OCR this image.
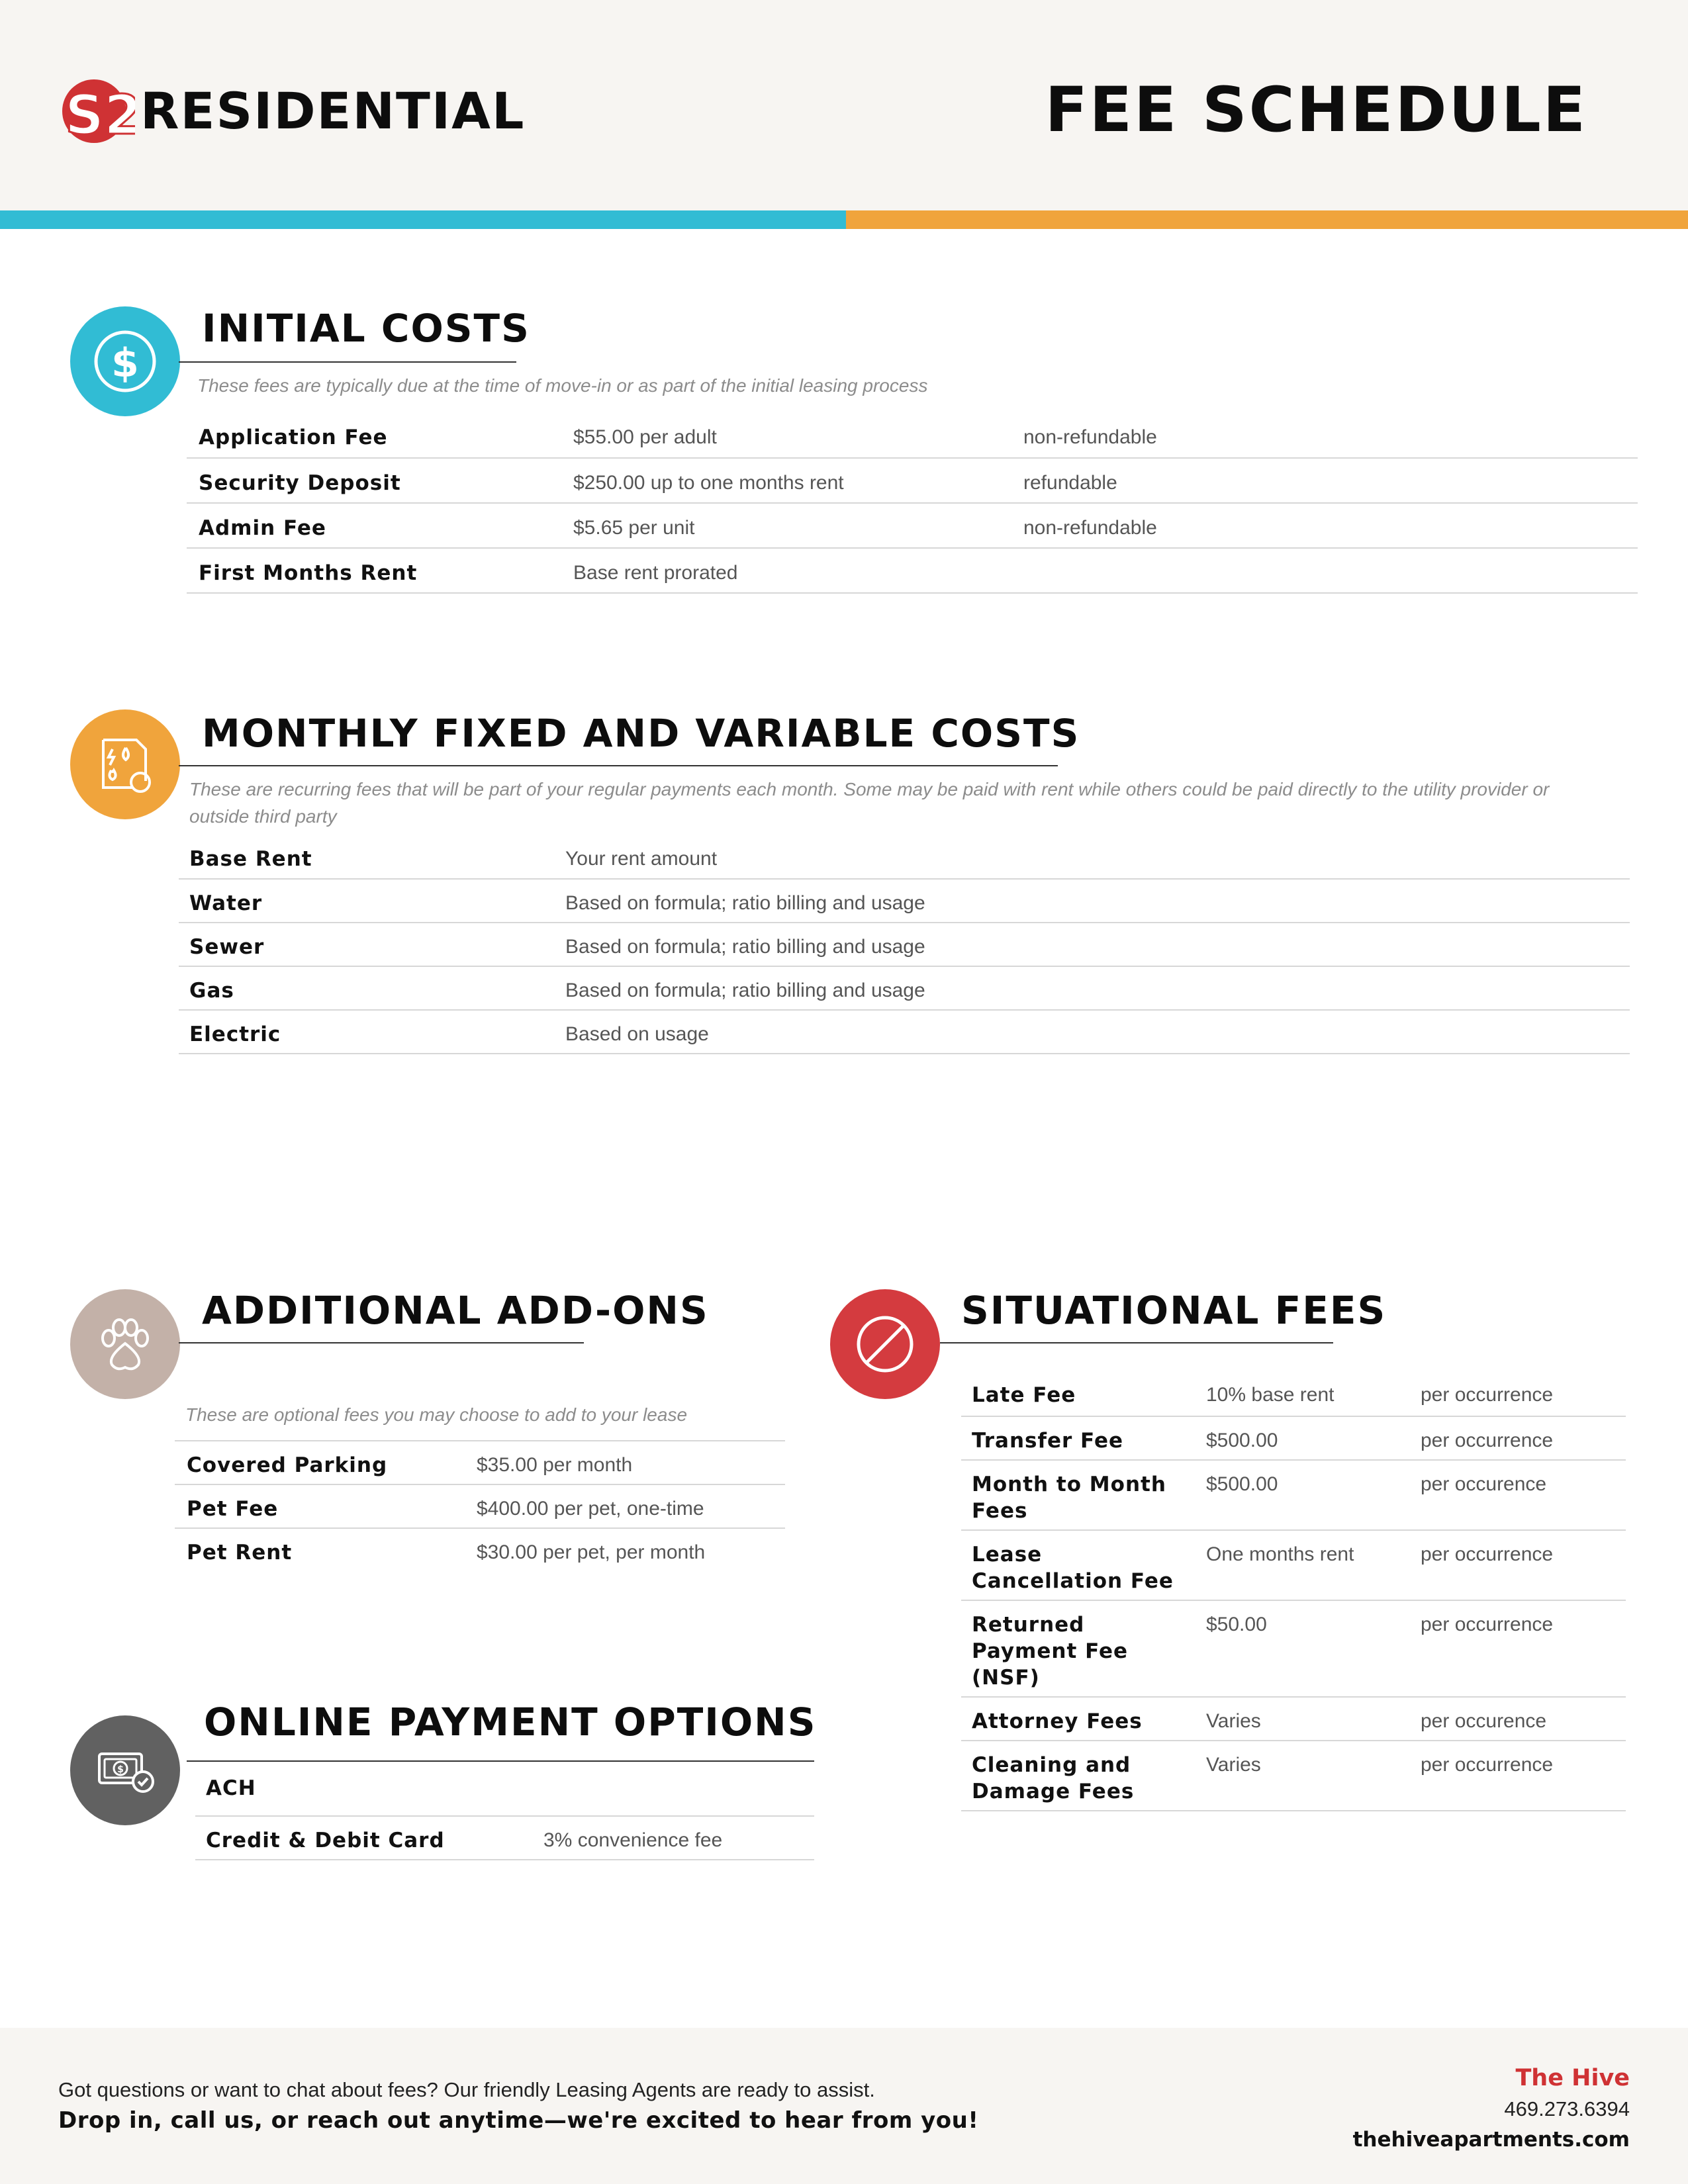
S2
RESIDENTIAL	FEE SCHEDULE
$
INITIAL COSTS
These fees are typically due at the time of move-in or as part of the initial leasing process
Application Fee	$55.00 per adult	non-refundable
Security Deposit	$250.00 up to one months rent	refundable
Admin Fee	$5.65 per unit	non-refundable
First Months Rent	Base rent prorated	
MONTHLY FIXED AND VARIABLE COSTS
These are recurring fees that will be part of your regular payments each month. Some may be paid with rent while others could be paid directly to the utility provider or outside third party
Base Rent	Your rent amount
Water	Based on formula; ratio billing and usage
Sewer	Based on formula; ratio billing and usage
Gas	Based on formula; ratio billing and usage
Electric	Based on usage
ADDITIONAL ADD-ONS
These are optional fees you may choose to add to your lease
Covered Parking	$35.00 per month
Pet Fee	$400.00 per pet, one-time
Pet Rent	$30.00 per pet, per month
$
ONLINE PAYMENT OPTIONS
ACH	
Credit & Debit Card	3% convenience fee
SITUATIONAL FEES
Late Fee	10% base rent	per occurrence
Transfer Fee	$500.00	per occurrence
Month to Month Fees	$500.00	per occurence
Lease Cancellation Fee	One months rent	per occurrence
Returned Payment Fee (NSF)	$50.00	per occurrence
Attorney Fees	Varies	per occurence
Cleaning and Damage Fees	Varies	per occurrence
Got questions or want to chat about fees? Our friendly Leasing Agents are ready to assist.
Drop in, call us, or reach out anytime—we're excited to hear from you!
The Hive
469.273.6394
thehiveapartments.com
